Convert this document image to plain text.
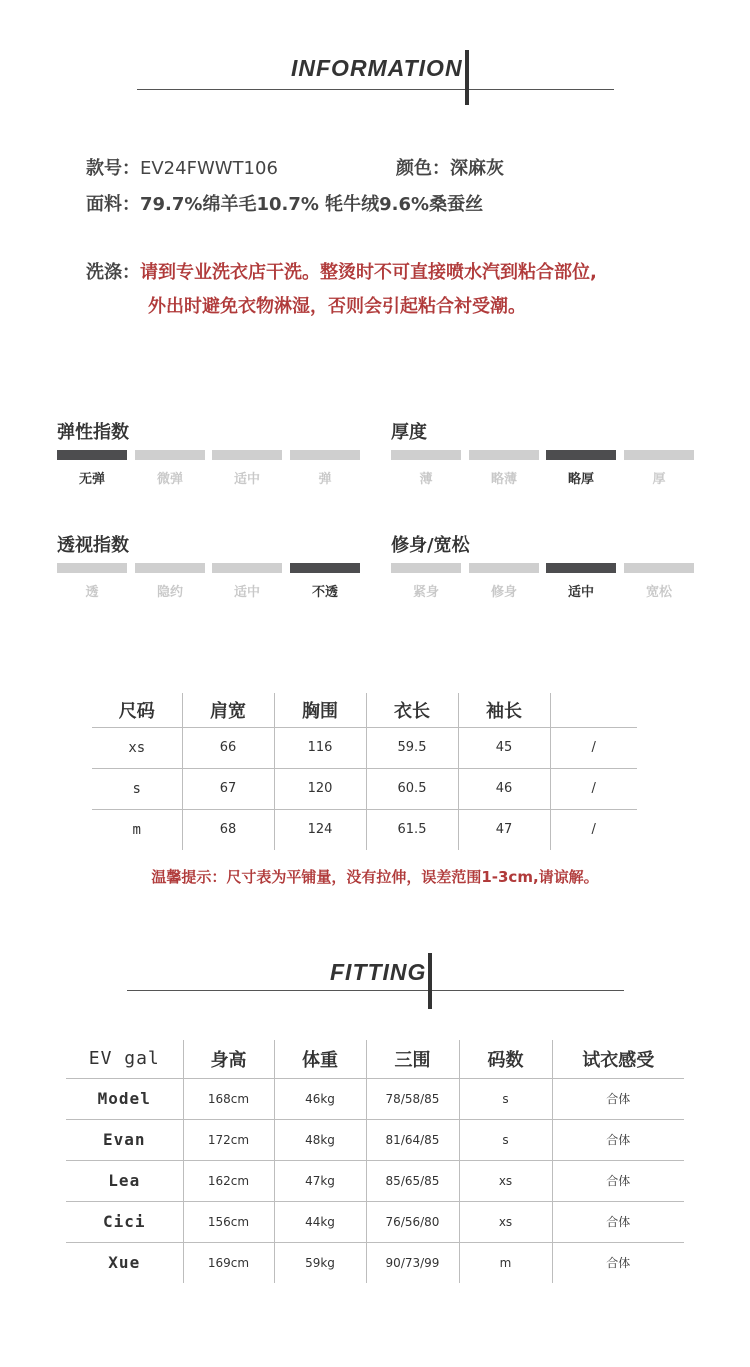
INFORMATION
款号：EV24FWWT106	颜色：深麻灰
面料：79.7%绵羊毛10.7% 牦牛绒9.6%桑蚕丝
洗涤：请到专业洗衣店干洗。整烫时不可直接喷水汽到粘合部位,
外出时避免衣物淋湿，否则会引起粘合衬受潮。
弹性指数
无弹	微弹	适中	弹
厚度
薄	略薄	略厚	厚
透视指数
透	隐约	适中	不透
修身/宽松
紧身	修身	适中	宽松
尺码	肩宽	胸围	衣长	袖长	
xs	66	116	59.5	45	/
s	67	120	60.5	46	/
m	68	124	61.5	47	/
温馨提示：尺寸表为平铺量，没有拉伸，误差范围1-3cm,请谅解。
FITTING
EV gal	身高	体重	三围	码数	试衣感受
Model	168cm	46kg	78/58/85	s	合体
Evan	172cm	48kg	81/64/85	s	合体
Lea	162cm	47kg	85/65/85	xs	合体
Cici	156cm	44kg	76/56/80	xs	合体
Xue	169cm	59kg	90/73/99	m	合体
